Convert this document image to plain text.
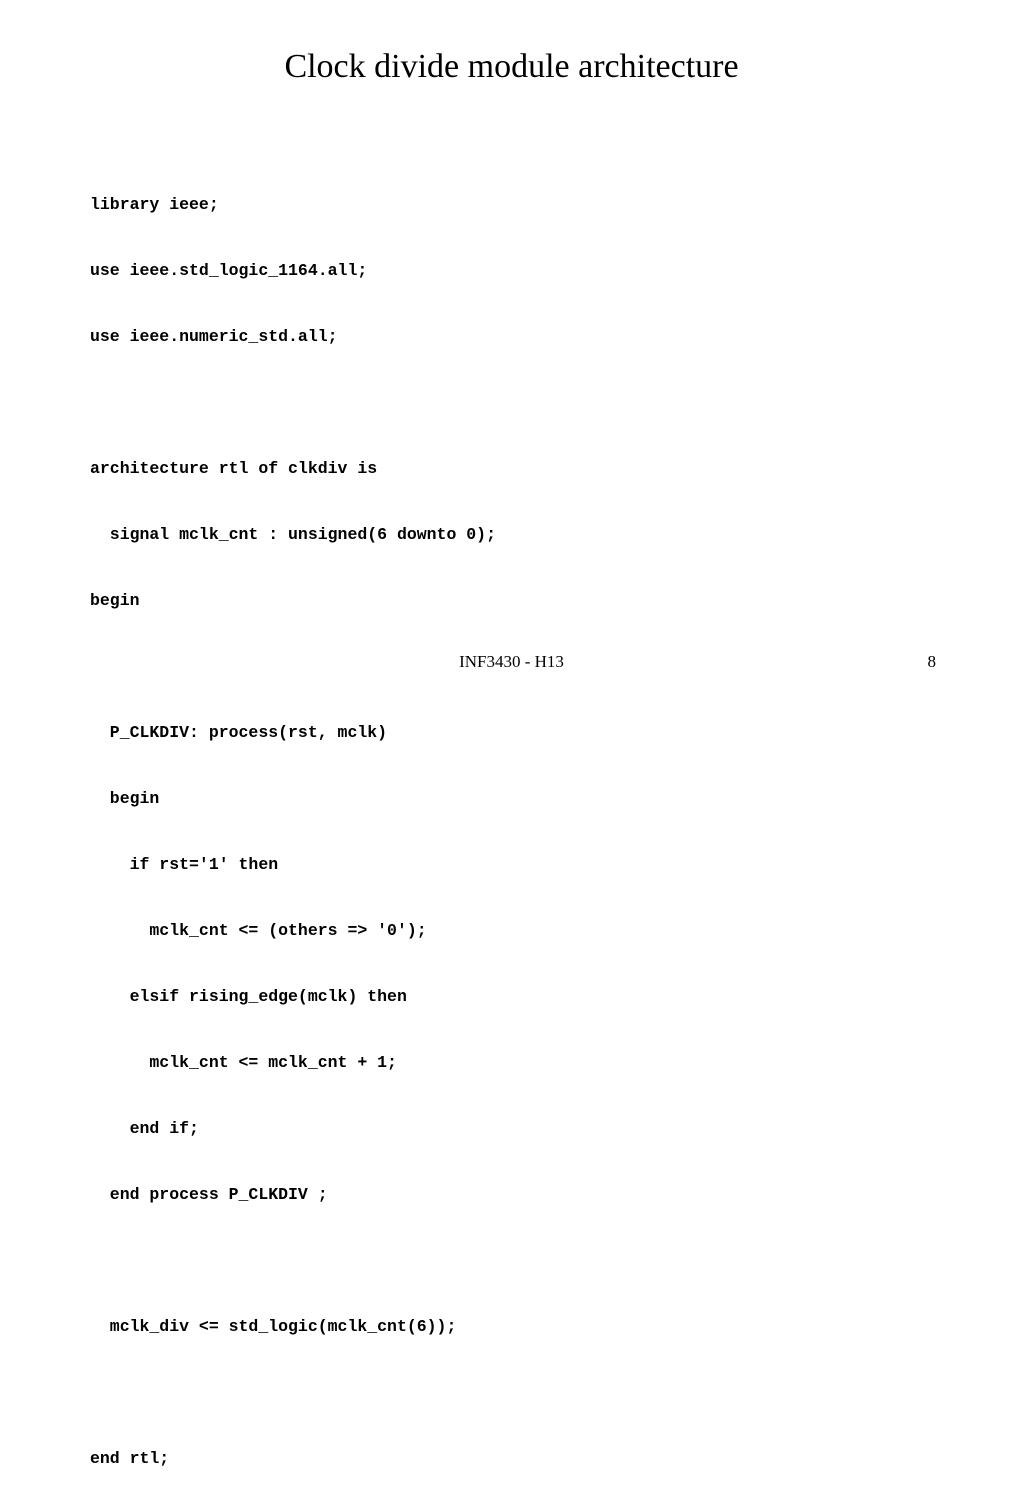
Clock divide module architecture

library ieee;

use ieee.std_logic_1164.all;

use ieee.numeric_std.all;

architecture rtl of clkdiv is

signal mclk_cnt : unsigned(6 downto 0);

begin

P_CLKDIV: process(rst, mclk)

begin

if rst='1' then

mclk_cnt <= (others => '0');

elsif rising_edge(mclk) then

mclk_cnt <= mclk_cnt + 1;

end if;

end process P_CLKDIV ;

mclk_div <= std_logic(mclk_cnt(6));

end rtl;

INF3430 - H13	8
